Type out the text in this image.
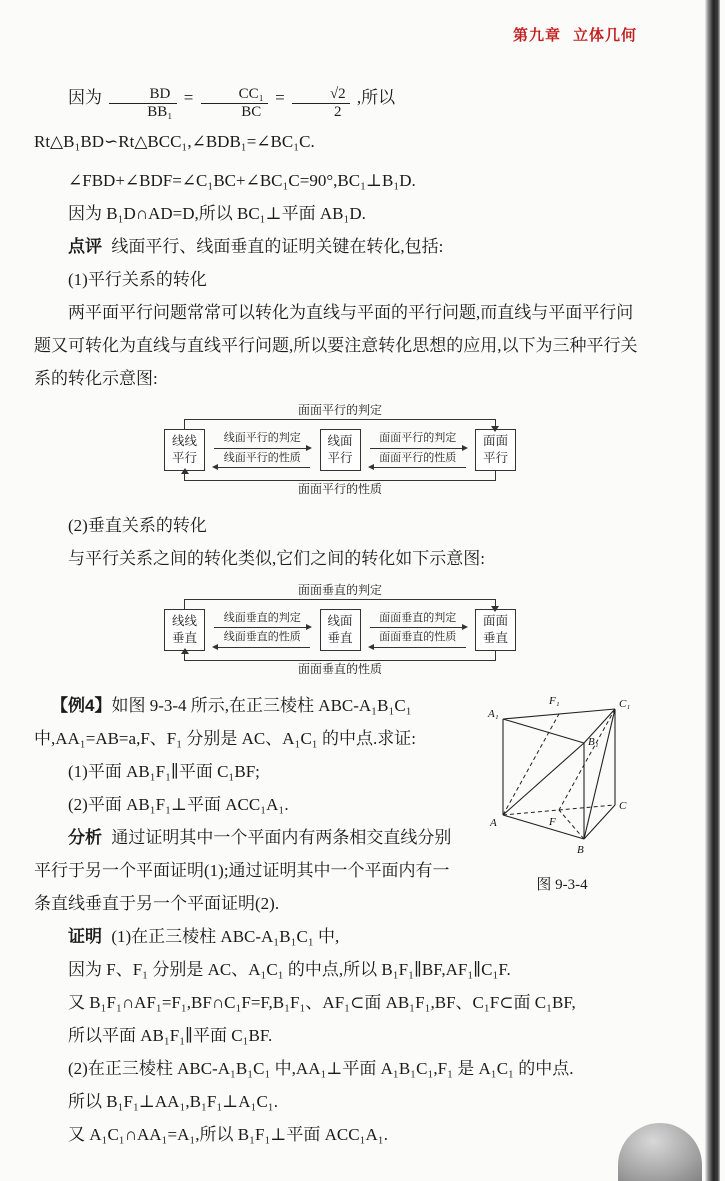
第九章 立体几何

因为 $\frac{BD}{\text{BB₁}} = \frac{\text{CC₁}}{BC} = \frac{√2}{2}$ ,所以 Rt△B₁BD∽Rt△BCC₁,∠BDB₁=∠BC₁C.

∠FBD+∠BDF=∠C₁BC+∠BC₁C=90°,BC₁⊥B₁D.

因为 B₁D∩AD=D,所以 BC₁⊥平面 AB₁D.

点评 线面平行、线面垂直的证明关键在转化,包括:

(1)平行关系的转化

两平面平行问题常常可以转化为直线与平面的平行问题,而直线与平面平行问题又可转化为直线与直线平行问题,所以要注意转化思想的应用,以下为三种平行关系的转化示意图:

面面平行的判定
线线平行
线面平行的判定
线面平行的性质
线面平行
面面平行的判定
面面平行的性质
面面平行
面面平行的性质

(2)垂直关系的转化

与平行关系之间的转化类似,它们之间的转化如下示意图:

面面垂直的判定
线线垂直
线面垂直的判定
线面垂直的性质
线面垂直
面面垂直的判定
面面垂直的性质
面面垂直
面面垂直的性质
A₁
F₁	C₁
B₁
A	F
C
B
图 9-3-4

【例4】如图 9-3-4 所示,在正三棱柱 ABC-A₁B₁C₁ 中,AA₁=AB=a,F、F₁ 分别是 AC、A₁C₁ 的中点.求证:

(1)平面 AB₁F₁∥平面 C₁BF;

(2)平面 AB₁F₁⊥平面 ACC₁A₁.

分析 通过证明其中一个平面内有两条相交直线分别平行于另一个平面证明(1);通过证明其中一个平面内有一条直线垂直于另一个平面证明(2).

证明 (1)在正三棱柱 ABC-A₁B₁C₁ 中,

因为 F、F₁ 分别是 AC、A₁C₁ 的中点,所以 B₁F₁∥BF,AF₁∥C₁F.

又 B₁F₁∩AF₁=F₁,BF∩C₁F=F,B₁F₁、AF₁⊂面 AB₁F₁,BF、C₁F⊂面 C₁BF,

所以平面 AB₁F₁∥平面 C₁BF.

(2)在正三棱柱 ABC-A₁B₁C₁ 中,AA₁⊥平面 A₁B₁C₁,F₁ 是 A₁C₁ 的中点.

所以 B₁F₁⊥AA₁,B₁F₁⊥A₁C₁.

又 A₁C₁∩AA₁=A₁,所以 B₁F₁⊥平面 ACC₁A₁.
